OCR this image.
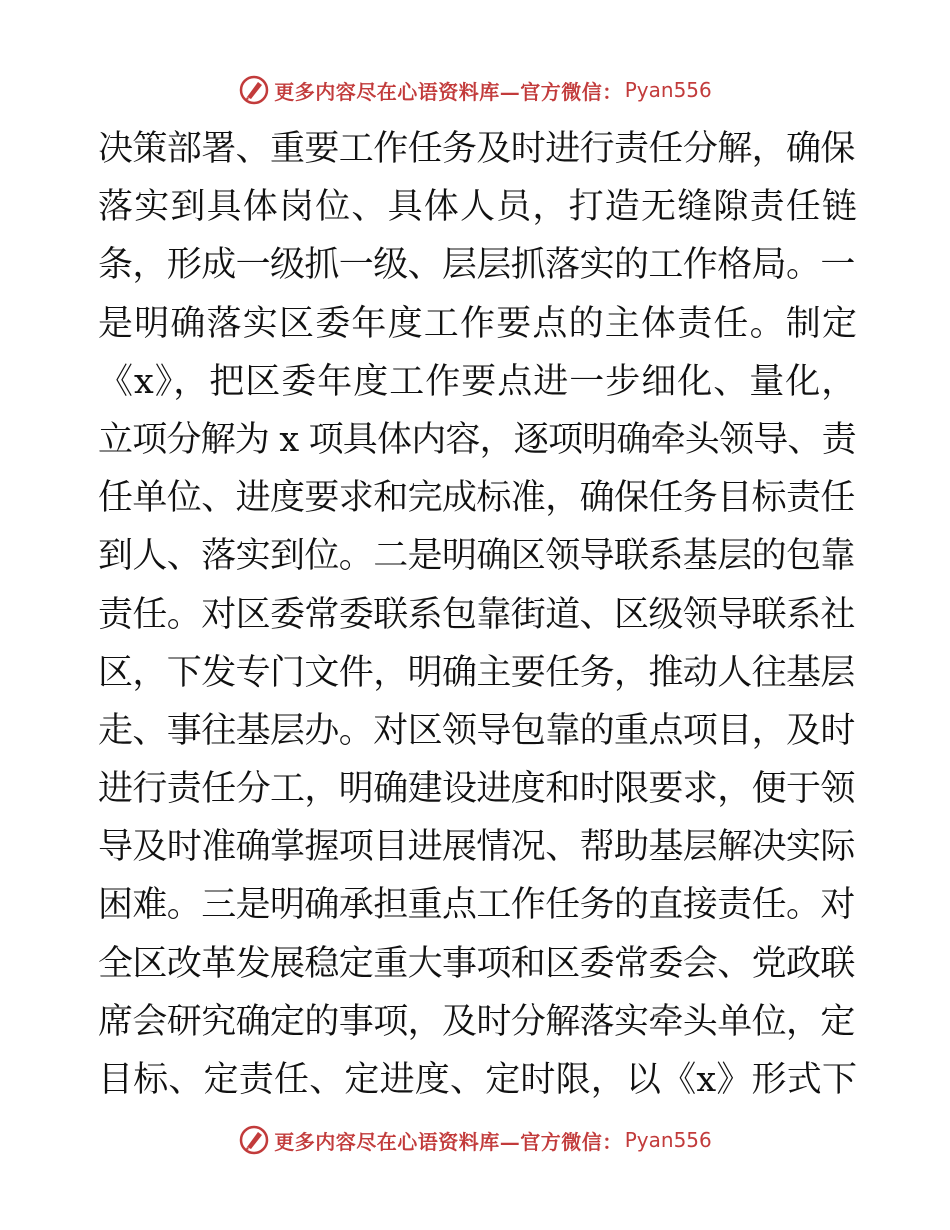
更多内容尽在心语资料库—官方微信： Pyan556
决策部署、重要工作任务及时进行责任分解，确保
落实到具体岗位、具体人员，打造无缝隙责任链
条，形成一级抓一级、层层抓落实的工作格局。一
是明确落实区委年度工作要点的主体责任。制定
《x》，把区委年度工作要点进一步细化、量化，
立项分解为 x 项具体内容，逐项明确牵头领导、责
任单位、进度要求和完成标准，确保任务目标责任
到人、落实到位。二是明确区领导联系基层的包靠
责任。对区委常委联系包靠街道、区级领导联系社
区，下发专门文件，明确主要任务，推动人往基层
走、事往基层办。对区领导包靠的重点项目，及时
进行责任分工，明确建设进度和时限要求，便于领
导及时准确掌握项目进展情况、帮助基层解决实际
困难。三是明确承担重点工作任务的直接责任。对
全区改革发展稳定重大事项和区委常委会、党政联
席会研究确定的事项，及时分解落实牵头单位，定
目标、定责任、定进度、定时限，以《x》形式下
更多内容尽在心语资料库—官方微信： Pyan556
